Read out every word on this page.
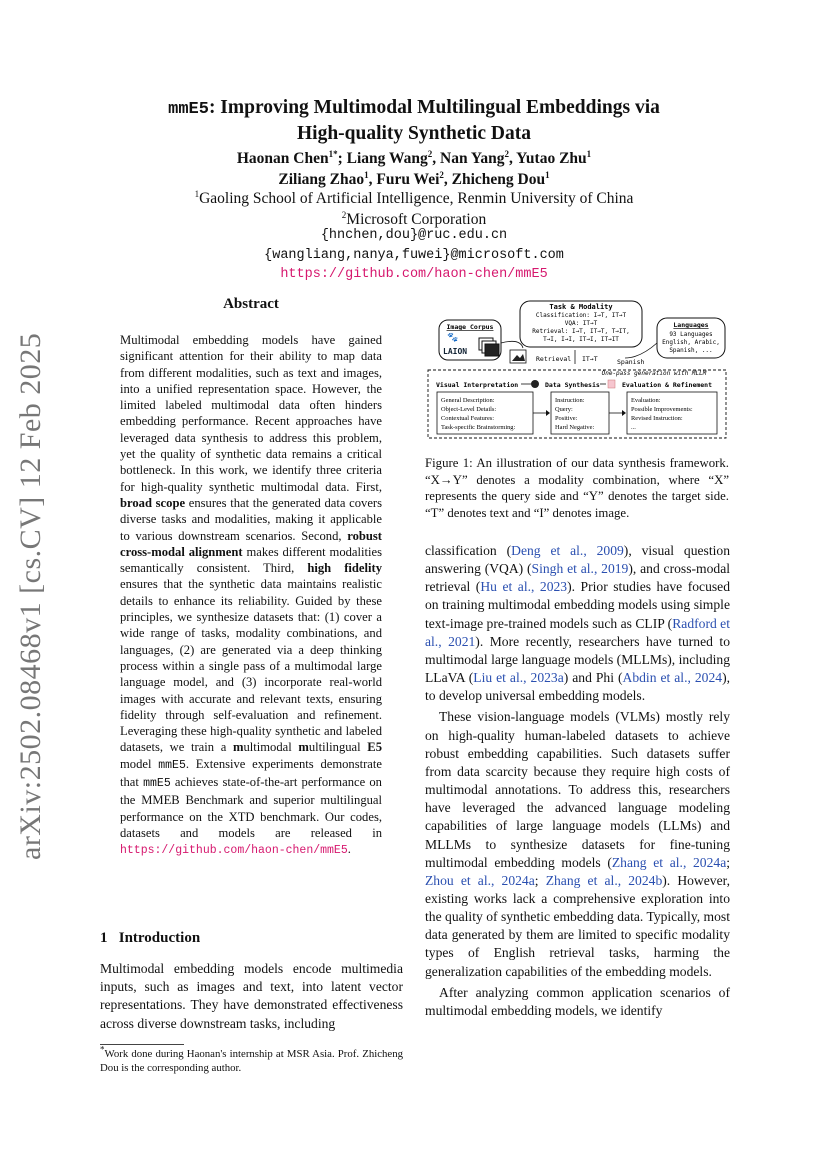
arXiv:2502.08468v1 [cs.CV] 12 Feb 2025
mmE5: Improving Multimodal Multilingual Embeddings via
High-quality Synthetic Data
Haonan Chen$^{1*}$; Liang Wang$^2$, Nan Yang$^2$, Yutao Zhu$^1$
Ziliang Zhao$^1$, Furu Wei$^2$, Zhicheng Dou$^1$
$^1$Gaoling School of Artificial Intelligence, Renmin University of China
$^2$Microsoft Corporation
{hnchen,dou}@ruc.edu.cn
{wangliang,nanya,fuwei}@microsoft.com
https://github.com/haon-chen/mmE5
Abstract
Multimodal embedding models have gained significant attention for their ability to map data from different modalities, such as text and images, into a unified representation space. However, the limited labeled multimodal data often hinders embedding performance. Recent approaches have leveraged data synthesis to address this problem, yet the quality of synthetic data remains a critical bottleneck. In this work, we identify three criteria for high-quality synthetic multimodal data. First, broad scope ensures that the generated data covers diverse tasks and modalities, making it applicable to various downstream scenarios. Second, robust cross-modal alignment makes different modalities semantically consistent. Third, high fidelity ensures that the synthetic data maintains realistic details to enhance its reliability. Guided by these principles, we synthesize datasets that: (1) cover a wide range of tasks, modality combinations, and languages, (2) are generated via a deep thinking process within a single pass of a multimodal large language model, and (3) incorporate real-world images with accurate and relevant texts, ensuring fidelity through self-evaluation and refinement. Leveraging these high-quality synthetic and labeled datasets, we train a multimodal multilingual E5 model mmE5. Extensive experiments demonstrate that mmE5 achieves state-of-the-art performance on the MMEB Benchmark and superior multilingual performance on the XTD benchmark. Our codes, datasets and models are released in https://github.com/haon-chen/mmE5.
1 Introduction
Multimodal embedding models encode multimedia inputs, such as images and text, into latent vector representations. They have demonstrated effectiveness across diverse downstream tasks, including
*Work done during Haonan's internship at MSR Asia. Prof. Zhicheng Dou is the corresponding author.
Task & Modality
Classification: I→T, IT→T
VQA: IT→T
Retrieval: I→T, IT→T, T→IT,
T→I, I→I, IT→I, IT→IT
Image Corpus
🐾
LAION
Languages
93 Languages
English, Arabic,
Spanish, ...
Retrieval IT→T	Spanish
One-pass generation with MLLM
Visual Interpretation	Data Synthesis	Evaluation & Refinement
General Description:
Object-Level Details:
Contextual Features:
Task-specific Brainstorming:
Instruction:
Query:
Positive:
Hard Negative:
Evaluation:
Possible Improvements:
Revised Instruction:
...
Figure 1: An illustration of our data synthesis framework. “X→Y” denotes a modality combination, where “X” represents the query side and “Y” denotes the target side. “T” denotes text and “I” denotes image.

classification (Deng et al., 2009), visual question answering (VQA) (Singh et al., 2019), and cross-modal retrieval (Hu et al., 2023). Prior studies have focused on training multimodal embedding models using simple text-image pre-trained models such as CLIP (Radford et al., 2021). More recently, researchers have turned to multimodal large language models (MLLMs), including LLaVA (Liu et al., 2023a) and Phi (Abdin et al., 2024), to develop universal embedding models.

These vision-language models (VLMs) mostly rely on high-quality human-labeled datasets to achieve robust embedding capabilities. Such datasets suffer from data scarcity because they require high costs of multimodal annotations. To address this, researchers have leveraged the advanced language modeling capabilities of large language models (LLMs) and MLLMs to synthesize datasets for fine-tuning multimodal embedding models (Zhang et al., 2024a; Zhou et al., 2024a; Zhang et al., 2024b). However, existing works lack a comprehensive exploration into the quality of synthetic embedding data. Typically, most data generated by them are limited to specific modality types of English retrieval tasks, harming the generalization capabilities of the embedding models.

After analyzing common application scenarios of multimodal embedding models, we identify
